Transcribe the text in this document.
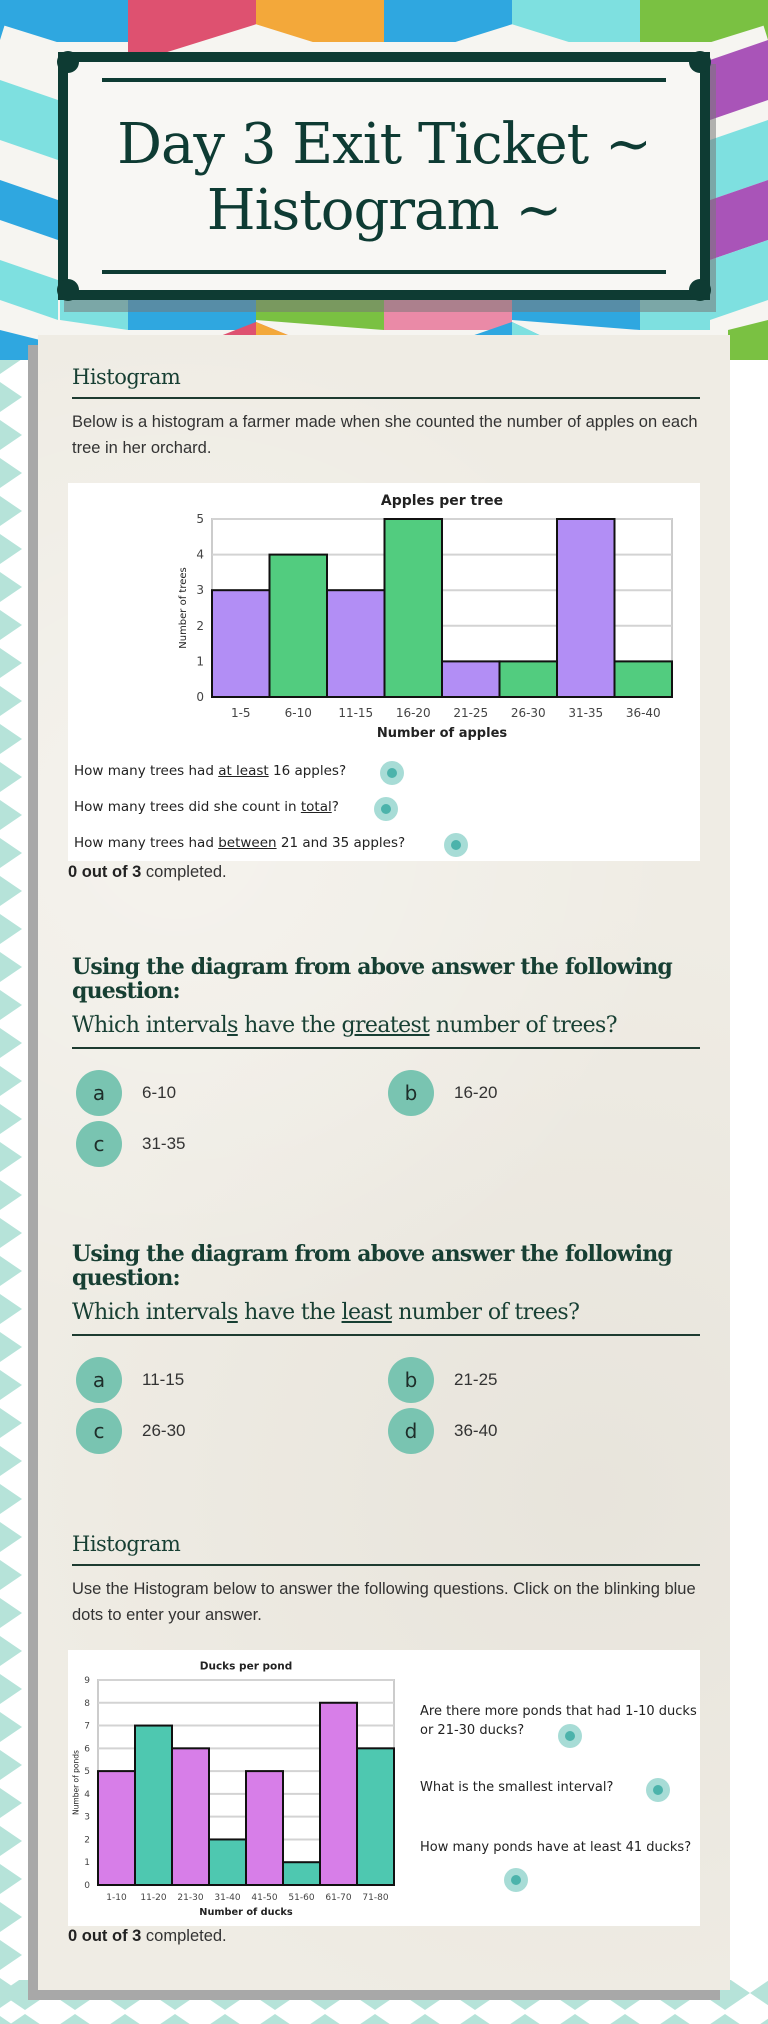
Day 3 Exit Ticket ~ Histogram ~
Histogram
Below is a histogram a farmer made when she counted the number of apples on each tree in her orchard.
Apples per tree
0
1
2
3
4
5
1-5	6-10 11-15 16-20 21-25 26-30 31-35 36-40
Number of apples
Number of trees
How many trees had at least 16 apples?
How many trees did she count in total?
How many trees had between 21 and 35 apples?
0 out of 3 completed.
Using the diagram from above answer the following question:
Which intervals have the greatest number of trees?
a	6-10	b	16-20
c	31-35
Using the diagram from above answer the following question:
Which intervals have the least number of trees?
a	11-15	b	21-25
c	26-30	d	36-40
Histogram
Use the Histogram below to answer the following questions. Click on the blinking blue dots to enter your answer.
Ducks per pond
0
1
2
3
4
5
6
7
8
9
1-10 11-20 21-30 31-40 41-50 51-60 61-70 71-80
Number of ducks
Number of ponds
Are there more ponds that had 1-10 ducks or 21-30 ducks?
What is the smallest interval?
How many ponds have at least 41 ducks?
0 out of 3 completed.
